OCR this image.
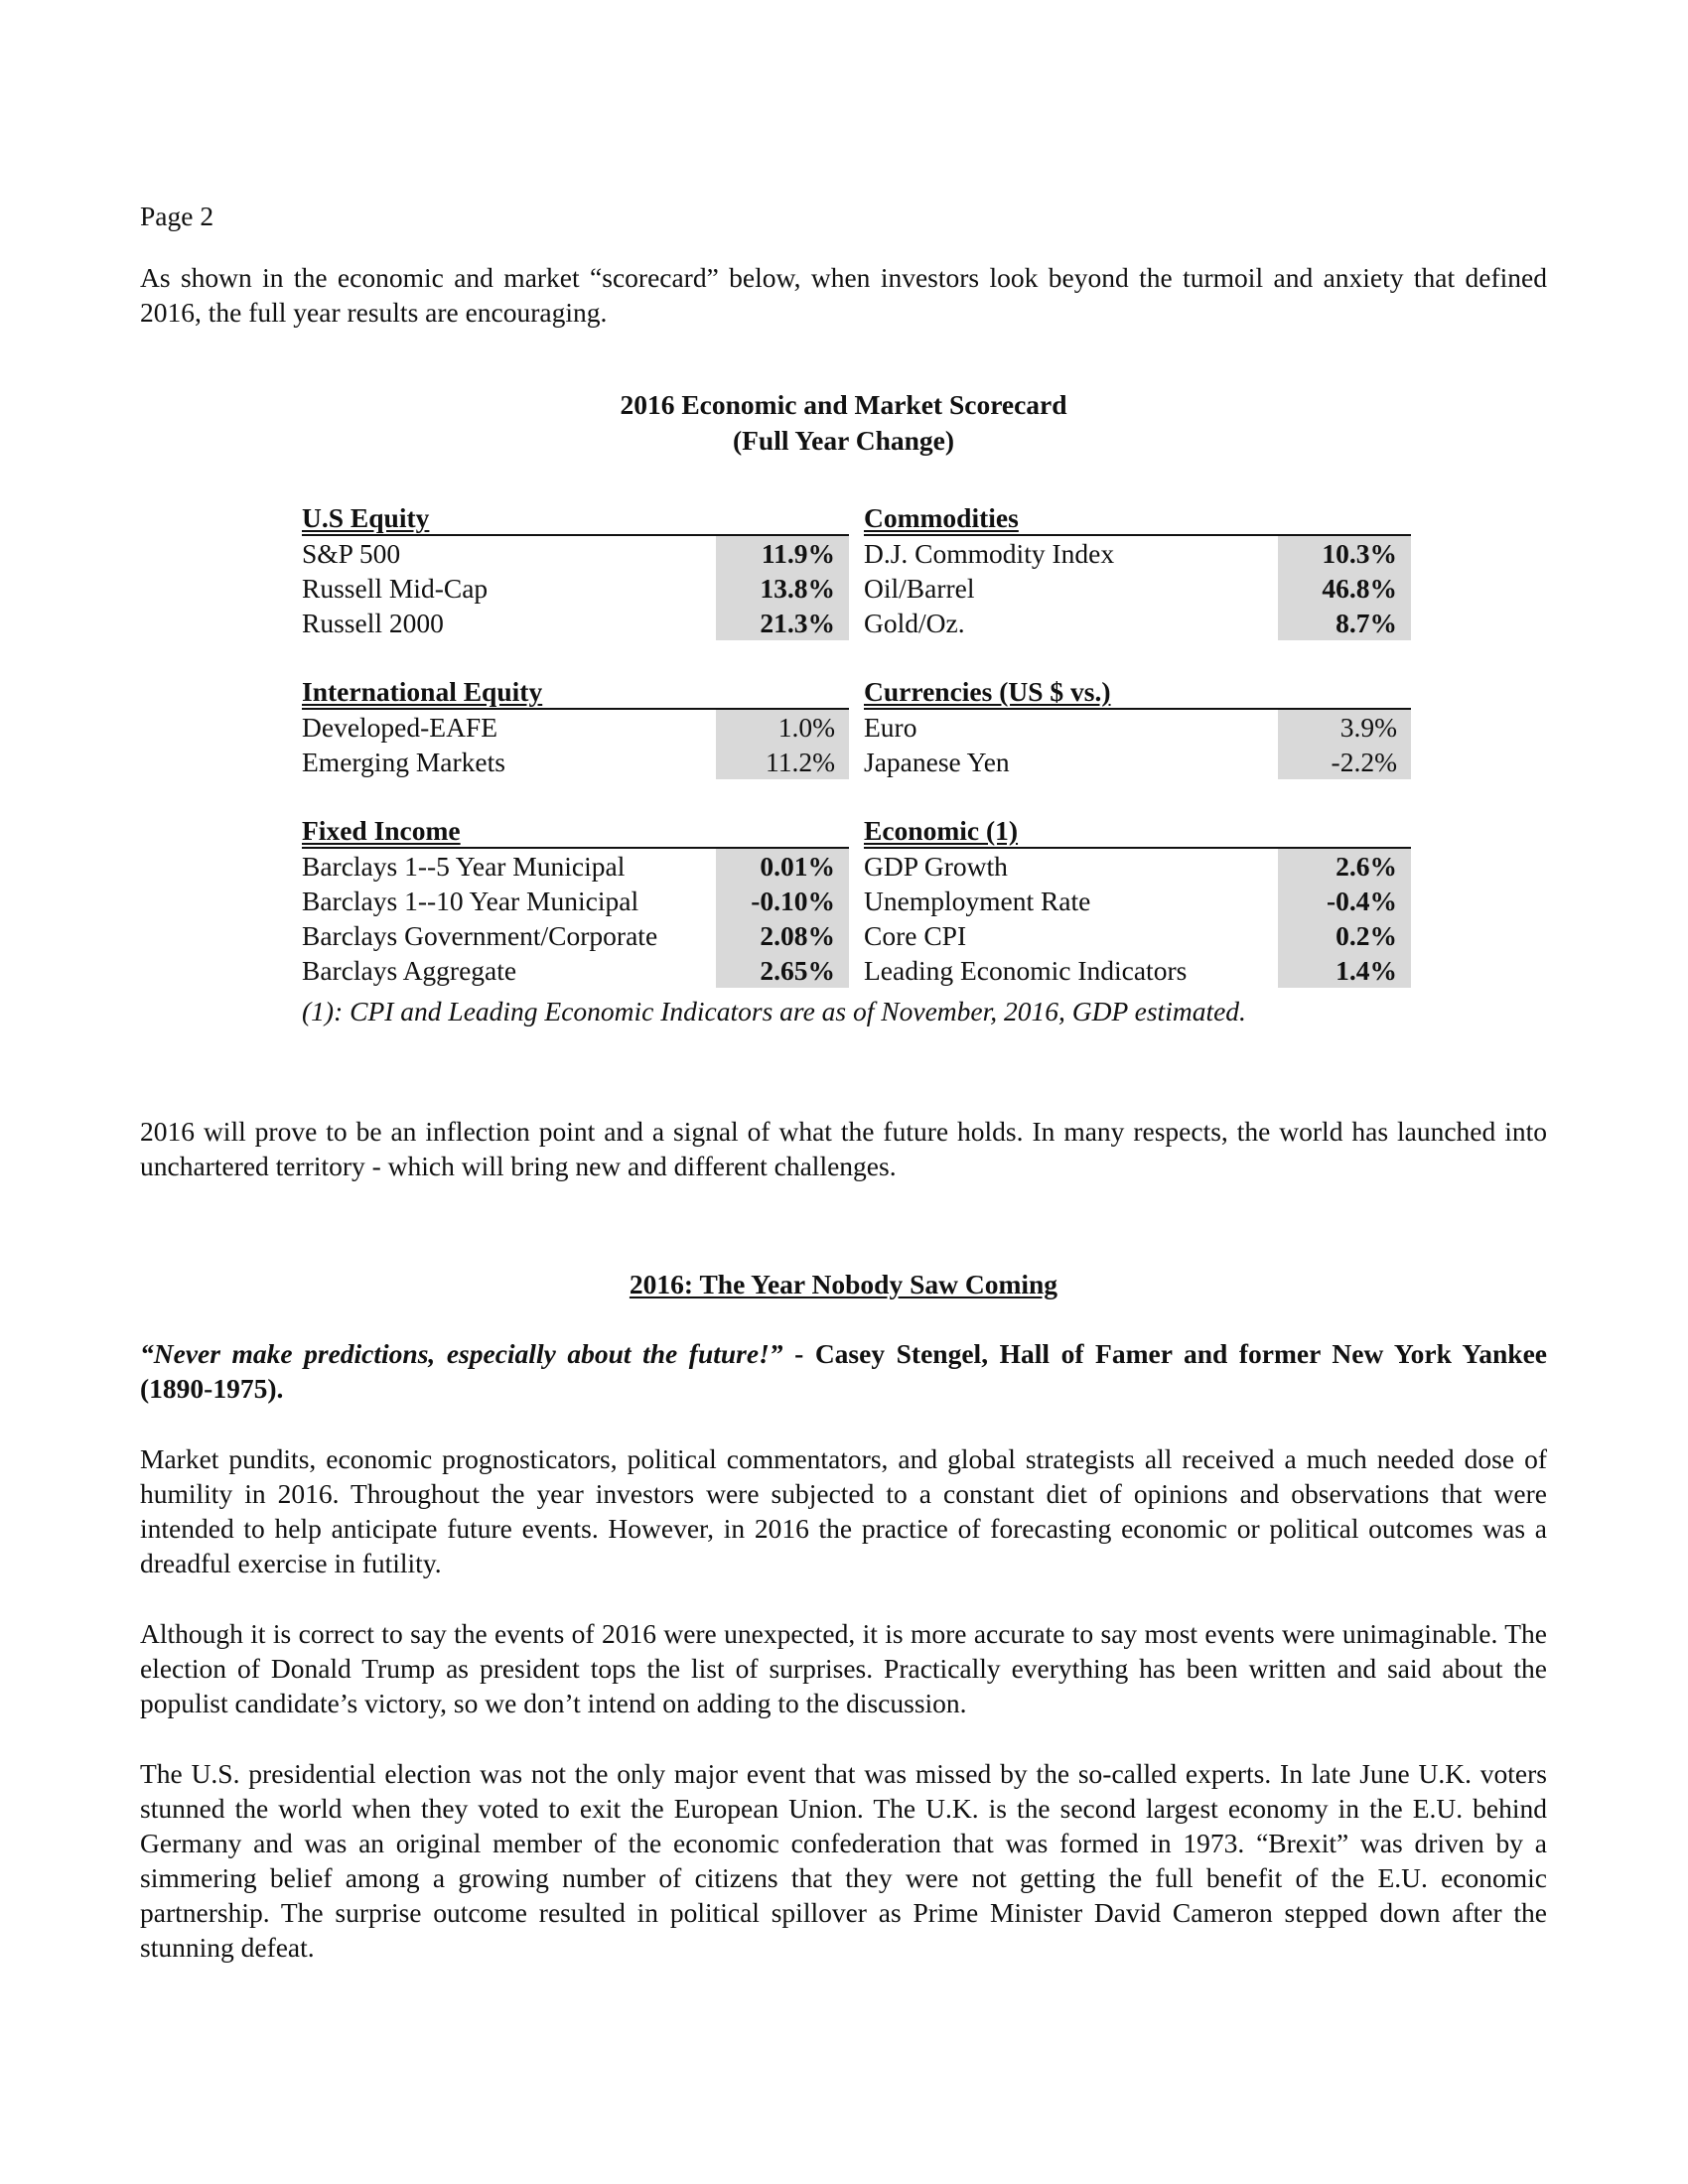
Page 2

As shown in the economic and market “scorecard” below, when investors look beyond the turmoil and anxiety that defined 2016, the full year results are encouraging.

2016 Economic and Market Scorecard
(Full Year Change)
U.S Equity
S&P 500	11.9%
Russell Mid-Cap	13.8%
Russell 2000	21.3%
Commodities
D.J. Commodity Index	10.3%
Oil/Barrel	46.8%
Gold/Oz.	8.7%
International Equity
Developed-EAFE	1.0%
Emerging Markets	11.2%
Currencies (US $ vs.)
Euro	3.9%
Japanese Yen	-2.2%
Fixed Income
Barclays 1--5 Year Municipal	0.01%
Barclays 1--10 Year Municipal	-0.10%
Barclays Government/Corporate	2.08%
Barclays Aggregate	2.65%
Economic (1)
GDP Growth	2.6%
Unemployment Rate	-0.4%
Core CPI	0.2%
Leading Economic Indicators	1.4%

(1): CPI and Leading Economic Indicators are as of November, 2016, GDP estimated.

2016 will prove to be an inflection point and a signal of what the future holds. In many respects, the world has launched into unchartered territory - which will bring new and different challenges.

2016: The Year Nobody Saw Coming

“Never make predictions, especially about the future!” - Casey Stengel, Hall of Famer and former New York Yankee (1890-1975).

Market pundits, economic prognosticators, political commentators, and global strategists all received a much needed dose of humility in 2016. Throughout the year investors were subjected to a constant diet of opinions and observations that were intended to help anticipate future events. However, in 2016 the practice of forecasting economic or political outcomes was a dreadful exercise in futility.

Although it is correct to say the events of 2016 were unexpected, it is more accurate to say most events were unimaginable. The election of Donald Trump as president tops the list of surprises. Practically everything has been written and said about the populist candidate’s victory, so we don’t intend on adding to the discussion.

The U.S. presidential election was not the only major event that was missed by the so-called experts. In late June U.K. voters stunned the world when they voted to exit the European Union. The U.K. is the second largest economy in the E.U. behind Germany and was an original member of the economic confederation that was formed in 1973. “Brexit” was driven by a simmering belief among a growing number of citizens that they were not getting the full benefit of the E.U. economic partnership. The surprise outcome resulted in political spillover as Prime Minister David Cameron stepped down after the stunning defeat.
